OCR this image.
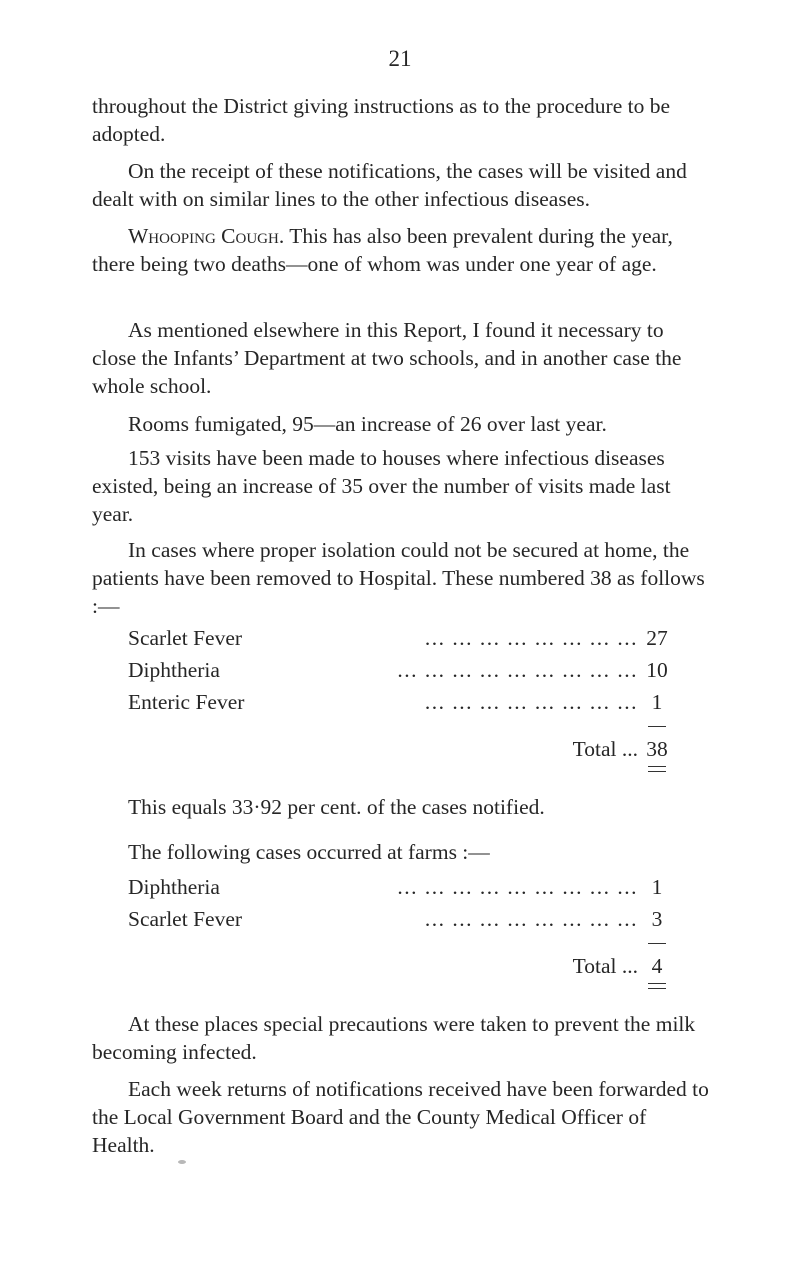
21

throughout the District giving instructions as to the procedure to be adopted.

On the receipt of these notifications, the cases will be visited and dealt with on similar lines to the other infectious diseases.

Whooping Cough. This has also been prevalent during the year, there being two deaths—one of whom was under one year of age.

As mentioned elsewhere in this Report, I found it necessary to close the Infants’ Department at two schools, and in another case the whole school.

Rooms fumigated, 95—an increase of 26 over last year.

153 visits have been made to houses where infectious diseases existed, being an increase of 35 over the number of visits made last year.

In cases where proper isolation could not be secured at home, the patients have been removed to Hospital. These numbered 38 as follows :—

Scarlet Fever	... ... ... ... ... ... ... ... 27
Diphtheria	... ... ... ... ... ... ... ... ... 10
Enteric Fever	... ... ... ... ... ... ... ... 1
Total ... 38

This equals 33·92 per cent. of the cases notified.

The following cases occurred at farms :—

Diphtheria	... ... ... ... ... ... ... ... ... 1
Scarlet Fever	... ... ... ... ... ... ... ... 3
Total ... 4

At these places special precautions were taken to prevent the milk becoming infected.

Each week returns of notifications received have been forwarded to the Local Government Board and the County Medical Officer of Health.
